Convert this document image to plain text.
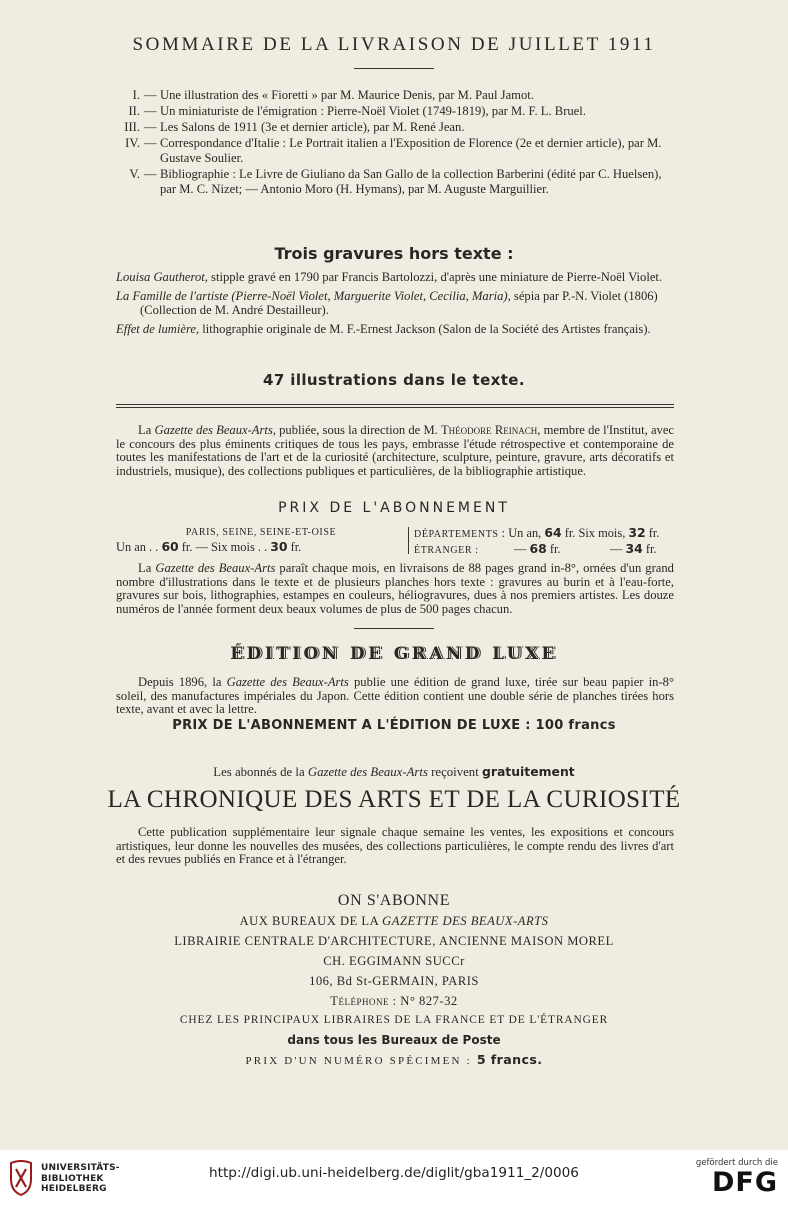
SOMMAIRE DE LA LIVRAISON DE JUILLET 1911
I. — Une illustration des « Fioretti » par M. Maurice Denis, par M. Paul Jamot.
II. — Un miniaturiste de l'émigration : Pierre-Noël Violet (1749-1819), par M. F. L. Bruel.
III. — Les Salons de 1911 (3e et dernier article), par M. René Jean.
IV. — Correspondance d'Italie : Le Portrait italien a l'Exposition de Florence (2e et dernier article), par M. Gustave Soulier.
V. — Bibliographie : Le Livre de Giuliano da San Gallo de la collection Barberini (édité par C. Huelsen), par M. C. Nizet; — Antonio Moro (H. Hymans), par M. Auguste Marguillier.
Trois gravures hors texte :

Louisa Gautherot, stipple gravé en 1790 par Francis Bartolozzi, d'après une miniature de Pierre-Noël Violet.

La Famille de l'artiste (Pierre-Noël Violet, Marguerite Violet, Cecilia, Maria), sépia par P.-N. Violet (1806) (Collection de M. André Destailleur).

Effet de lumière, lithographie originale de M. F.-Ernest Jackson (Salon de la Société des Artistes français).

47 illustrations dans le texte.

La Gazette des Beaux-Arts, publiée, sous la direction de M. Théodore Reinach, membre de l'Institut, avec le concours des plus éminents critiques de tous les pays, embrasse l'étude rétrospective et contemporaine de toutes les manifestations de l'art et de la curiosité (architecture, sculpture, peinture, gravure, arts décoratifs et industriels, musique), des collections publiques et particulières, de la bibliographie artistique.

PRIX DE L'ABONNEMENT
PARIS, SEINE, SEINE-ET-OISE
Un an . . 60 fr. — Six mois . . 30 fr.
DÉPARTEMENTS : Un an, 64 fr. Six mois, 32 fr.
ÉTRANGER :	— 68 fr.	— 34 fr.

La Gazette des Beaux-Arts paraît chaque mois, en livraisons de 88 pages grand in-8°, ornées d'un grand nombre d'illustrations dans le texte et de plusieurs planches hors texte : gravures au burin et à l'eau-forte, gravures sur bois, lithographies, estampes en couleurs, héliogravures, dues à nos premiers artistes. Les douze numéros de l'année forment deux beaux volumes de plus de 500 pages chacun.

ÉDITION DE GRAND LUXE

Depuis 1896, la Gazette des Beaux-Arts publie une édition de grand luxe, tirée sur beau papier in-8° soleil, des manufactures impériales du Japon. Cette édition contient une double série de planches tirées hors texte, avant et avec la lettre.

PRIX DE L'ABONNEMENT A L'ÉDITION DE LUXE : 100 francs
Les abonnés de la Gazette des Beaux-Arts reçoivent gratuitement
LA CHRONIQUE DES ARTS ET DE LA CURIOSITÉ

Cette publication supplémentaire leur signale chaque semaine les ventes, les expositions et concours artistiques, leur donne les nouvelles des musées, des collections particulières, le compte rendu des livres d'art et des revues publiés en France et à l'étranger.

ON S'ABONNE
AUX BUREAUX DE LA GAZETTE DES BEAUX-ARTS
LIBRAIRIE CENTRALE D'ARCHITECTURE, ANCIENNE MAISON MOREL
CH. EGGIMANN SUCCr
106, Bd St-GERMAIN, PARIS
Téléphone : N° 827-32
CHEZ LES PRINCIPAUX LIBRAIRES DE LA FRANCE ET DE L'ÉTRANGER
dans tous les Bureaux de Poste
PRIX D'UN NUMÉRO SPÉCIMEN : 5 francs.
UNIVERSITÄTS-
BIBLIOTHEK
HEIDELBERG
http://digi.ub.uni-heidelberg.de/diglit/gba1911_2/0006
gefördert durch die
DFG
